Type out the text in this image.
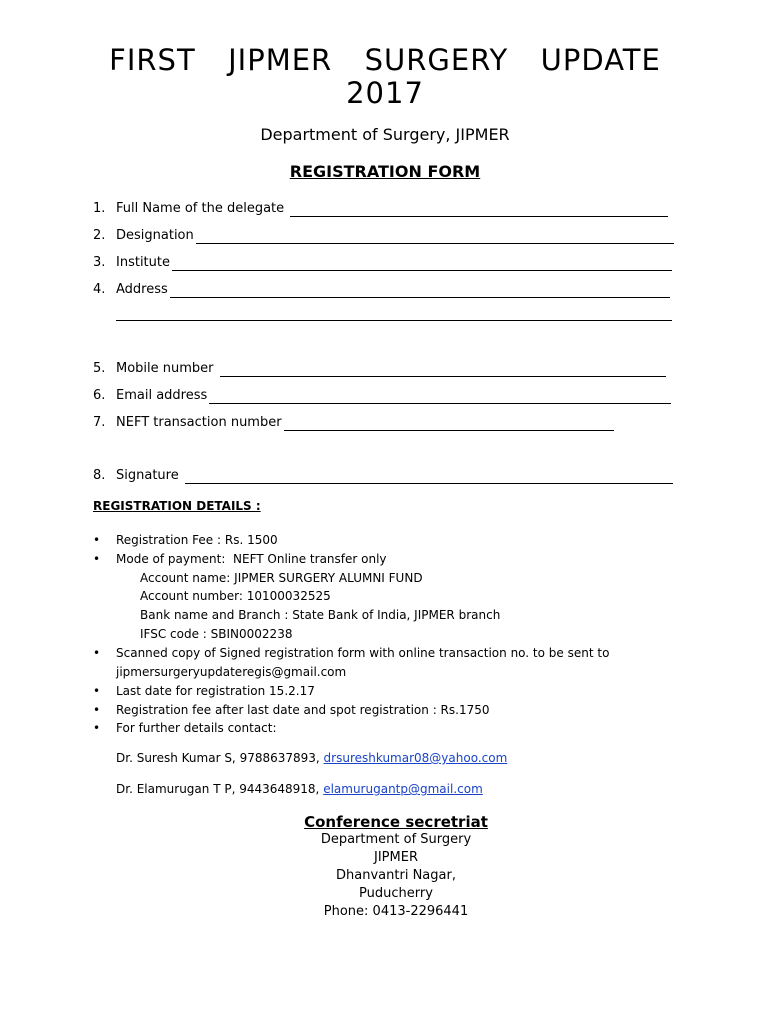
FIRST  JIPMER  SURGERY  UPDATE
2017
Department of Surgery, JIPMER
REGISTRATION FORM
1. Full Name of the delegate
2. Designation
3. Institute
4. Address
5. Mobile number
6. Email address
7. NEFT transaction number
8. Signature
REGISTRATION DETAILS :
• Registration Fee : Rs. 1500
• Mode of payment:  NEFT Online transfer only
Account name: JIPMER SURGERY ALUMNI FUND
Account number: 10100032525
Bank name and Branch : State Bank of India, JIPMER branch
IFSC code : SBIN0002238
• Scanned copy of Signed registration form with online transaction no. to be sent to
jipmersurgeryupdateregis@gmail.com
• Last date for registration 15.2.17
• Registration fee after last date and spot registration : Rs.1750
• For further details contact:
Dr. Suresh Kumar S, 9788637893, drsureshkumar08@yahoo.com
Dr. Elamurugan T P, 9443648918, elamurugantp@gmail.com
Conference secretriat
Department of Surgery
JIPMER
Dhanvantri Nagar,
Puducherry
Phone: 0413-2296441
